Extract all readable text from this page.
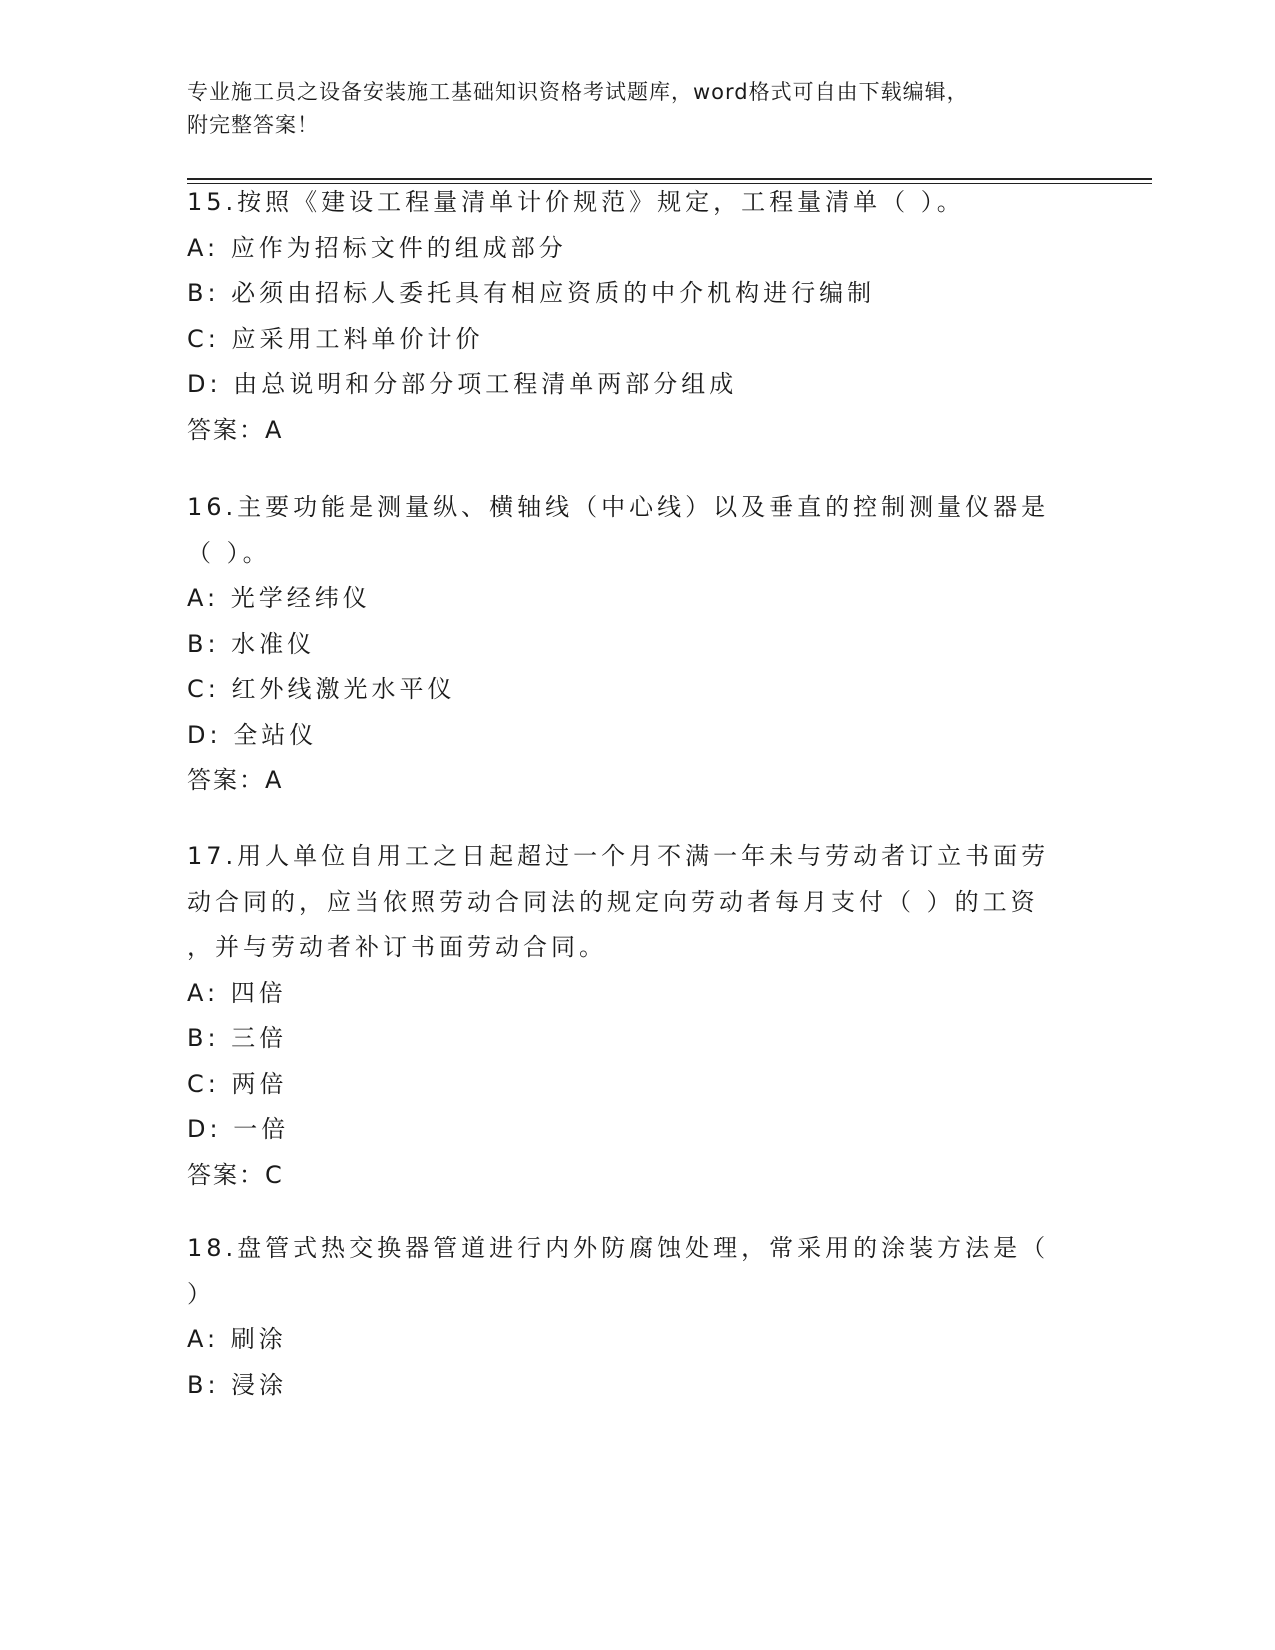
专业施工员之设备安装施工基础知识资格考试题库，word格式可自由下载编辑，
附完整答案！
15.按照《建设工程量清单计价规范》规定，工程量清单（ ）。
A: 应作为招标文件的组成部分
B: 必须由招标人委托具有相应资质的中介机构进行编制
C: 应采用工料单价计价
D: 由总说明和分部分项工程清单两部分组成
答案：A
16.主要功能是测量纵、横轴线（中心线）以及垂直的控制测量仪器是
（ ）。
A: 光学经纬仪
B: 水准仪
C: 红外线激光水平仪
D: 全站仪
答案：A
17.用人单位自用工之日起超过一个月不满一年未与劳动者订立书面劳
动合同的，应当依照劳动合同法的规定向劳动者每月支付（ ）的工资
，并与劳动者补订书面劳动合同。
A: 四倍
B: 三倍
C: 两倍
D: 一倍
答案：C
18.盘管式热交换器管道进行内外防腐蚀处理，常采用的涂装方法是（
）
A: 刷涂
B: 浸涂
